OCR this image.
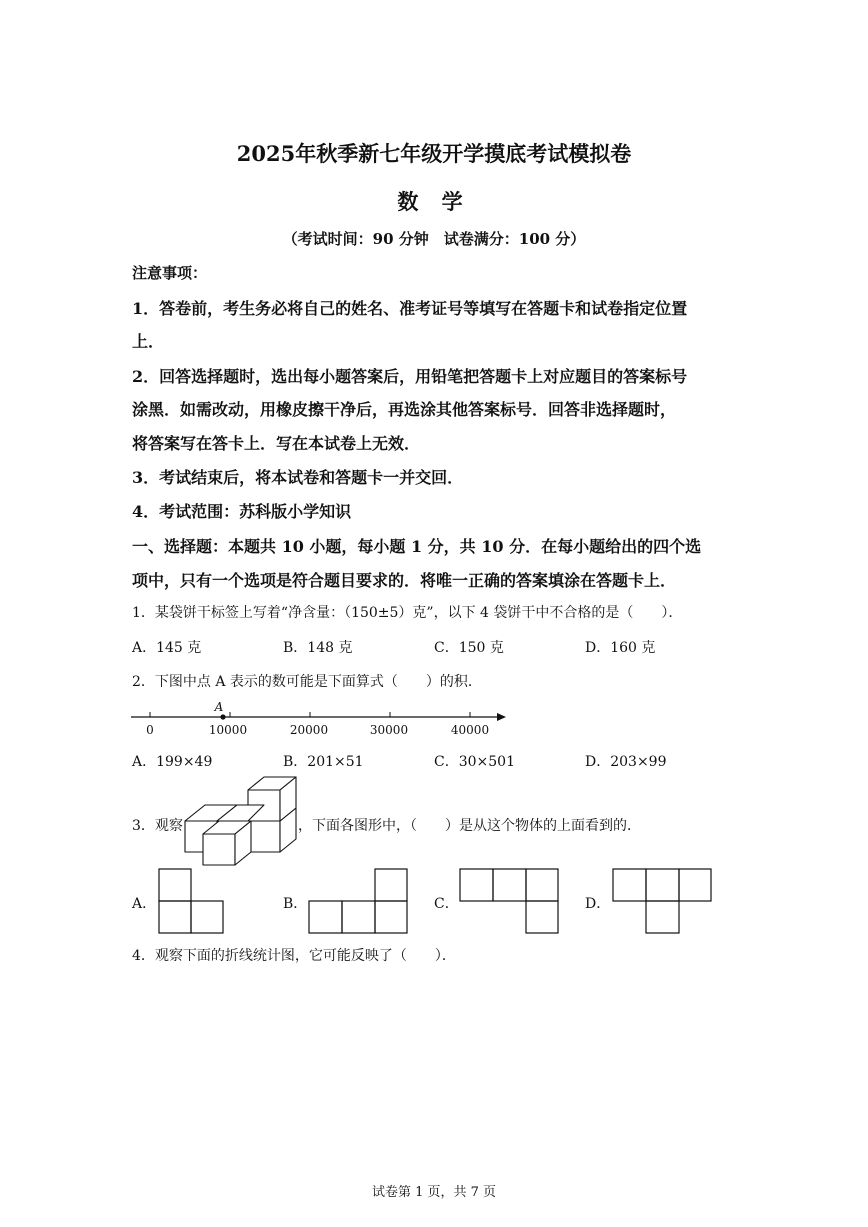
2025年秋季新七年级开学摸底考试模拟卷
数 学
（考试时间：90 分钟　试卷满分：100 分）
注意事项：
1．答卷前，考生务必将自己的姓名、准考证号等填写在答题卡和试卷指定位置
上．
2．回答选择题时，选出每小题答案后，用铅笔把答题卡上对应题目的答案标号
涂黑．如需改动，用橡皮擦干净后，再选涂其他答案标号．回答非选择题时，
将答案写在答卡上．写在本试卷上无效．
3．考试结束后，将本试卷和答题卡一并交回．
4．考试范围：苏科版小学知识
一、选择题：本题共 10 小题，每小题 1 分，共 10 分．在每小题给出的四个选
项中，只有一个选项是符合题目要求的．将唯一正确的答案填涂在答题卡上．
1．某袋饼干标签上写着“净含量：（150±5）克”，以下 4 袋饼干中不合格的是（　　）．
A．145 克	B．148 克	C．150 克	D．160 克
2．下图中点 A 表示的数可能是下面算式（　　）的积．
0	10000	20000	30000	40000
A
A．199×49	B．201×51	C．30×501	D．203×99
3．观察	，下面各图形中，（　　）是从这个物体的上面看到的．
A．	B．	C．	D．
4．观察下面的折线统计图，它可能反映了（　　）．
试卷第 1 页，共 7 页
